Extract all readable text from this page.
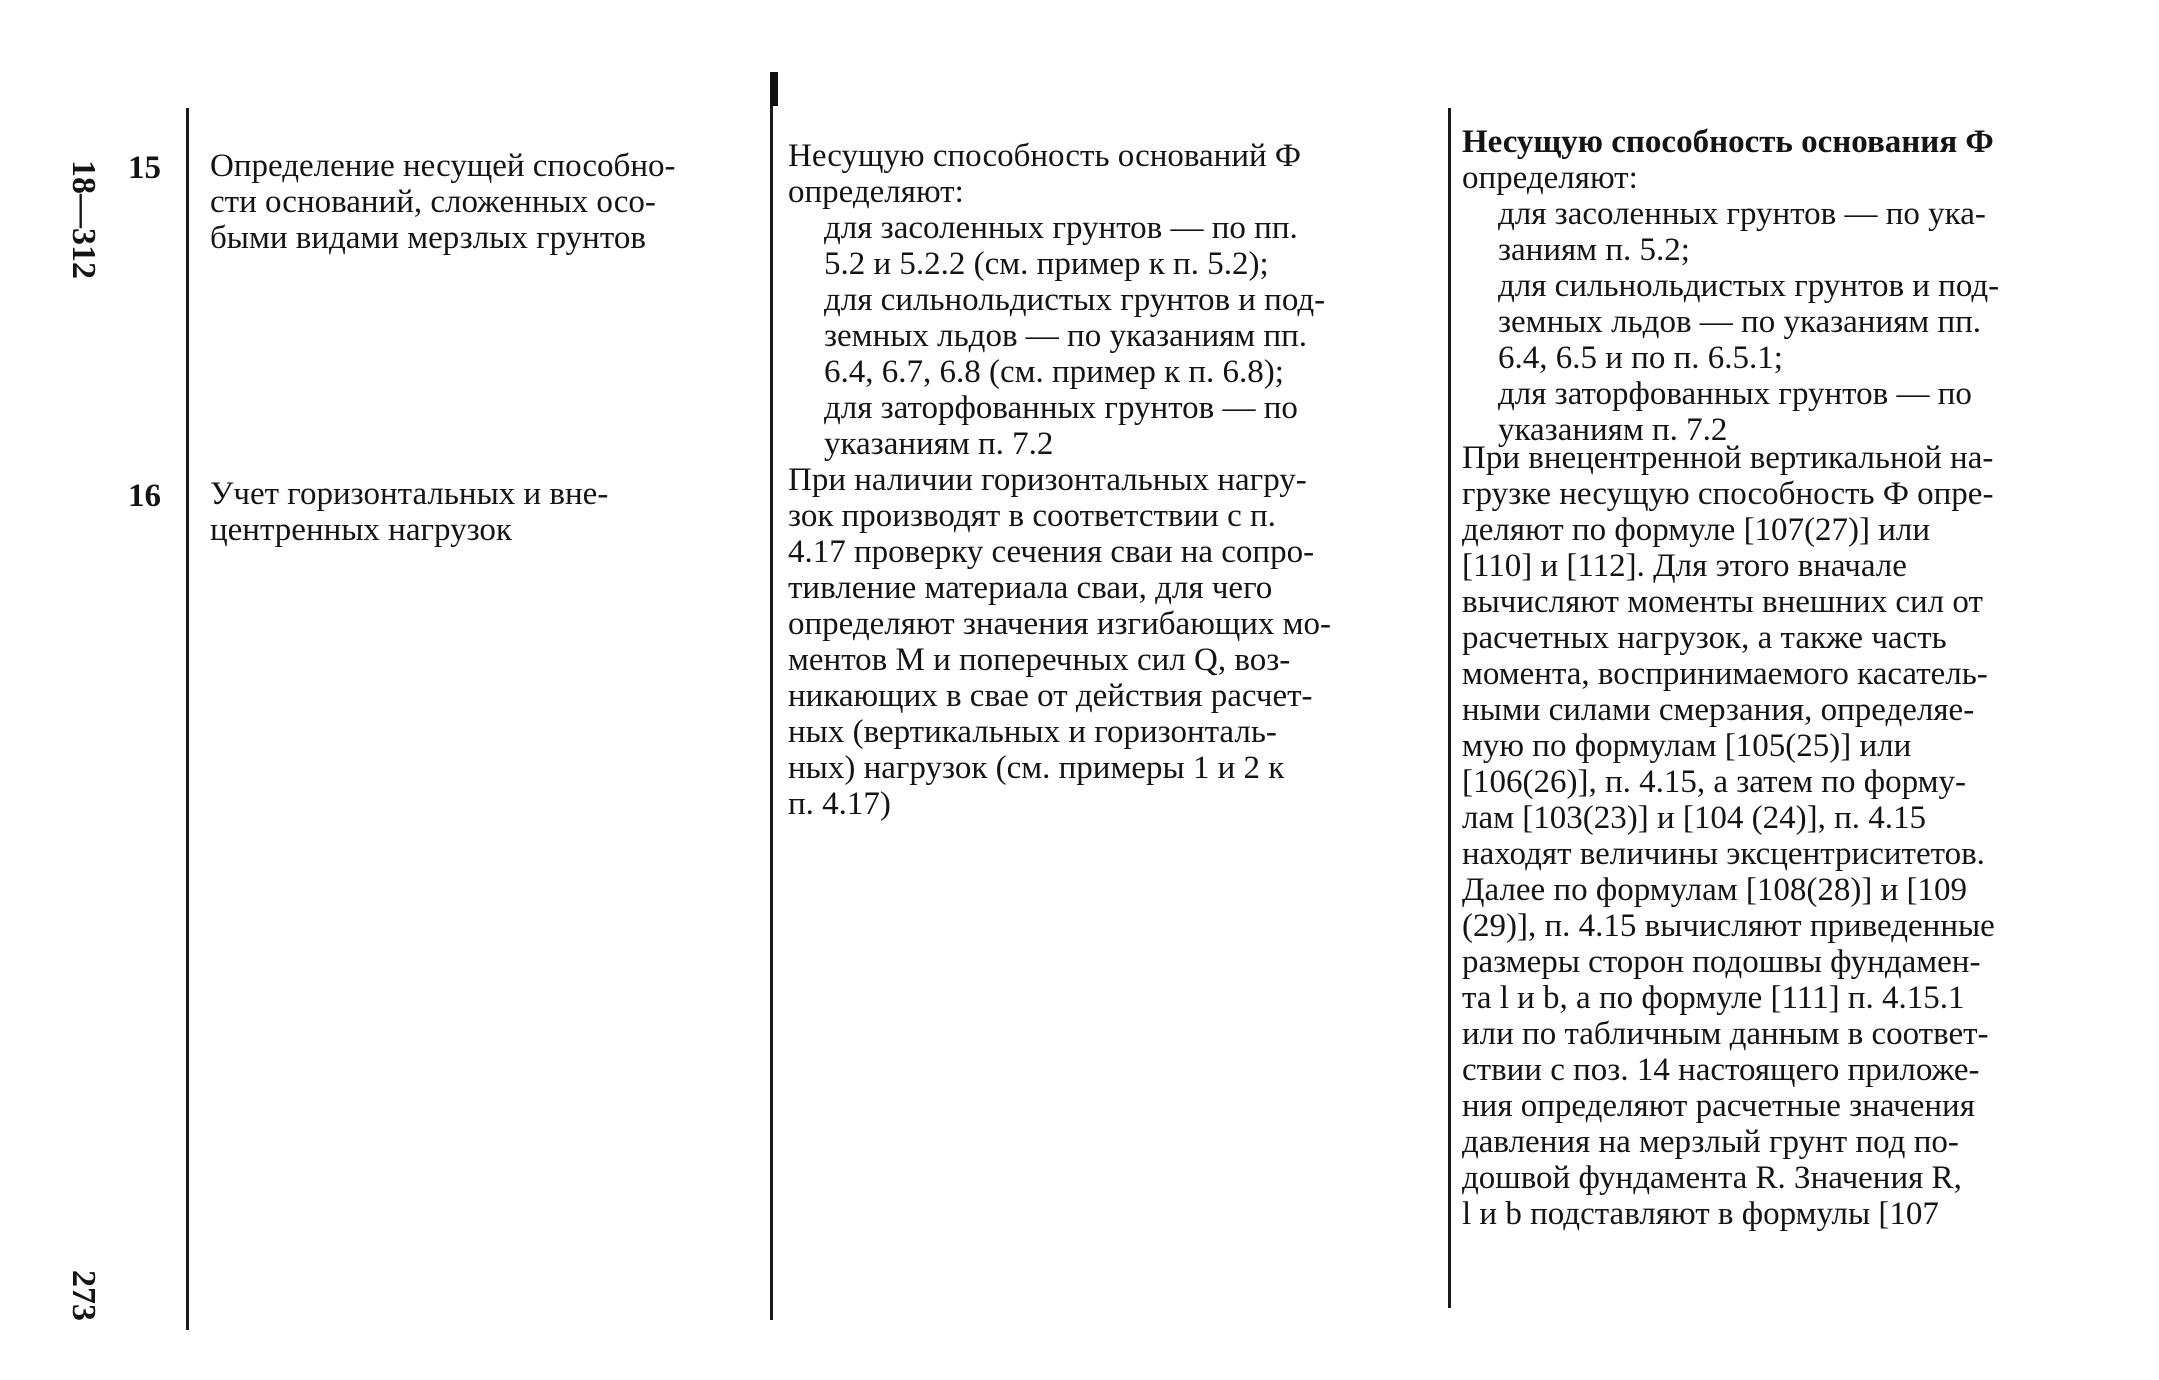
18—312
273
15 Определение несущей способно-
сти оснований, сложенных осо-
быми видами мерзлых грунтов
Несущую способность оснований Ф
определяют:
для засоленных грунтов — по пп.
5.2 и 5.2.2 (см. пример к п. 5.2);
для сильнольдистых грунтов и под-
земных льдов — по указаниям пп.
6.4, 6.7, 6.8 (см. пример к п. 6.8);
для заторфованных грунтов — по
указаниям п. 7.2
Несущую способность основания Ф
определяют:
для засоленных грунтов — по ука-
заниям п. 5.2;
для сильнольдистых грунтов и под-
земных льдов — по указаниям пп.
6.4, 6.5 и по п. 6.5.1;
для заторфованных грунтов — по
указаниям п. 7.2
16 Учет горизонтальных и вне-
центренных нагрузок
При наличии горизонтальных нагру-
зок производят в соответствии с п.
4.17 проверку сечения сваи на сопро-
тивление материала сваи, для чего
определяют значения изгибающих мо-
ментов М и поперечных сил Q, воз-
никающих в свае от действия расчет-
ных (вертикальных и горизонталь-
ных) нагрузок (см. примеры 1 и 2 к
п. 4.17)
При внецентренной вертикальной на-
грузке несущую способность Ф опре-
деляют по формуле [107(27)] или
[110] и [112]. Для этого вначале
вычисляют моменты внешних сил от
расчетных нагрузок, а также часть
момента, воспринимаемого касатель-
ными силами смерзания, определяе-
мую по формулам [105(25)] или
[106(26)], п. 4.15, а затем по форму-
лам [103(23)] и [104 (24)], п. 4.15
находят величины эксцентриситетов.
Далее по формулам [108(28)] и [109
(29)], п. 4.15 вычисляют приведенные
размеры сторон подошвы фундамен-
та l и b, а по формуле [111] п. 4.15.1
или по табличным данным в соответ-
ствии с поз. 14 настоящего приложе-
ния определяют расчетные значения
давления на мерзлый грунт под по-
дошвой фундамента R. Значения R,
l и b подставляют в формулы [107
